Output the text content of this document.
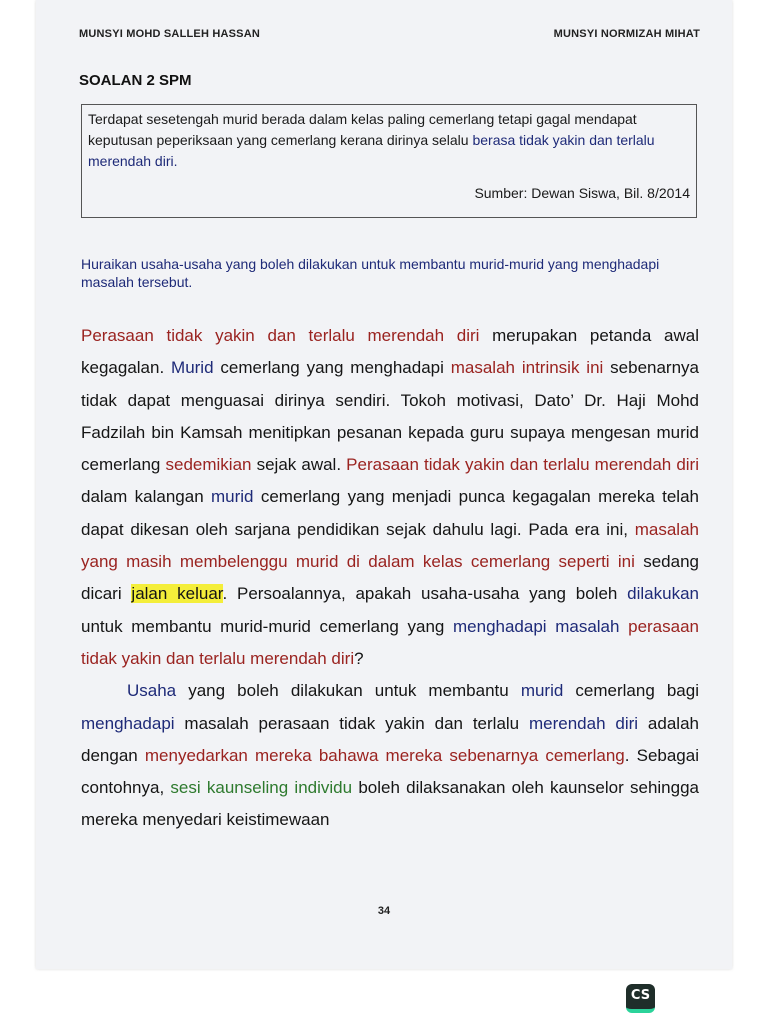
MUNSYI MOHD SALLEH HASSAN	MUNSYI NORMIZAH MIHAT
SOALAN 2 SPM

Terdapat sesetengah murid berada dalam kelas paling cemerlang tetapi gagal mendapat keputusan peperiksaan yang cemerlang kerana dirinya selalu berasa tidak yakin dan terlalu merendah diri.

Sumber: Dewan Siswa, Bil. 8/2014

Huraikan usaha-usaha yang boleh dilakukan untuk membantu murid-murid yang menghadapi masalah tersebut.

Perasaan tidak yakin dan terlalu merendah diri merupakan petanda awal kegagalan. Murid cemerlang yang menghadapi masalah intrinsik ini sebenarnya tidak dapat menguasai dirinya sendiri. Tokoh motivasi, Dato’ Dr. Haji Mohd Fadzilah bin Kamsah menitipkan pesanan kepada guru supaya mengesan murid cemerlang sedemikian sejak awal. Perasaan tidak yakin dan terlalu merendah diri dalam kalangan murid cemerlang yang menjadi punca kegagalan mereka telah dapat dikesan oleh sarjana pendidikan sejak dahulu lagi. Pada era ini, masalah yang masih membelenggu murid di dalam kelas cemerlang seperti ini sedang dicari jalan keluar. Persoalannya, apakah usaha-usaha yang boleh dilakukan untuk membantu murid-murid cemerlang yang menghadapi masalah perasaan tidak yakin dan terlalu merendah diri?

Usaha yang boleh dilakukan untuk membantu murid cemerlang bagi menghadapi masalah perasaan tidak yakin dan terlalu merendah diri adalah dengan menyedarkan mereka bahawa mereka sebenarnya cemerlang. Sebagai contohnya, sesi kaunseling individu boleh dilaksanakan oleh kaunselor sehingga mereka menyedari keistimewaan

34
CS
